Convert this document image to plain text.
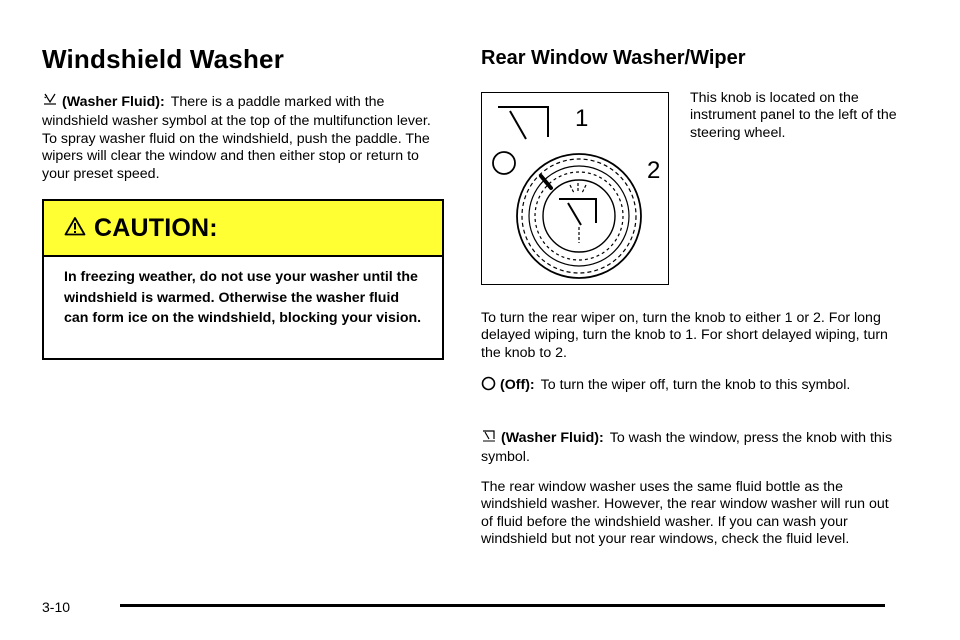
Windshield Washer

(Washer Fluid): There is a paddle marked with the windshield washer symbol at the top of the multifunction lever. To spray washer fluid on the windshield, push the paddle. The wipers will clear the window and then either stop or return to your preset speed.

CAUTION:
In freezing weather, do not use your washer until the windshield is warmed. Otherwise the washer fluid can form ice on the windshield, blocking your vision.
Rear Window Washer/Wiper
1
2

This knob is located on the instrument panel to the left of the steering wheel.

To turn the rear wiper on, turn the knob to either 1 or 2. For long delayed wiping, turn the knob to 1. For short delayed wiping, turn the knob to 2.

(Off): To turn the wiper off, turn the knob to this symbol.

(Washer Fluid): To wash the window, press the knob with this symbol.

The rear window washer uses the same fluid bottle as the windshield washer. However, the rear window washer will run out of fluid before the windshield washer. If you can wash your windshield but not your rear windows, check the fluid level.

3-10
